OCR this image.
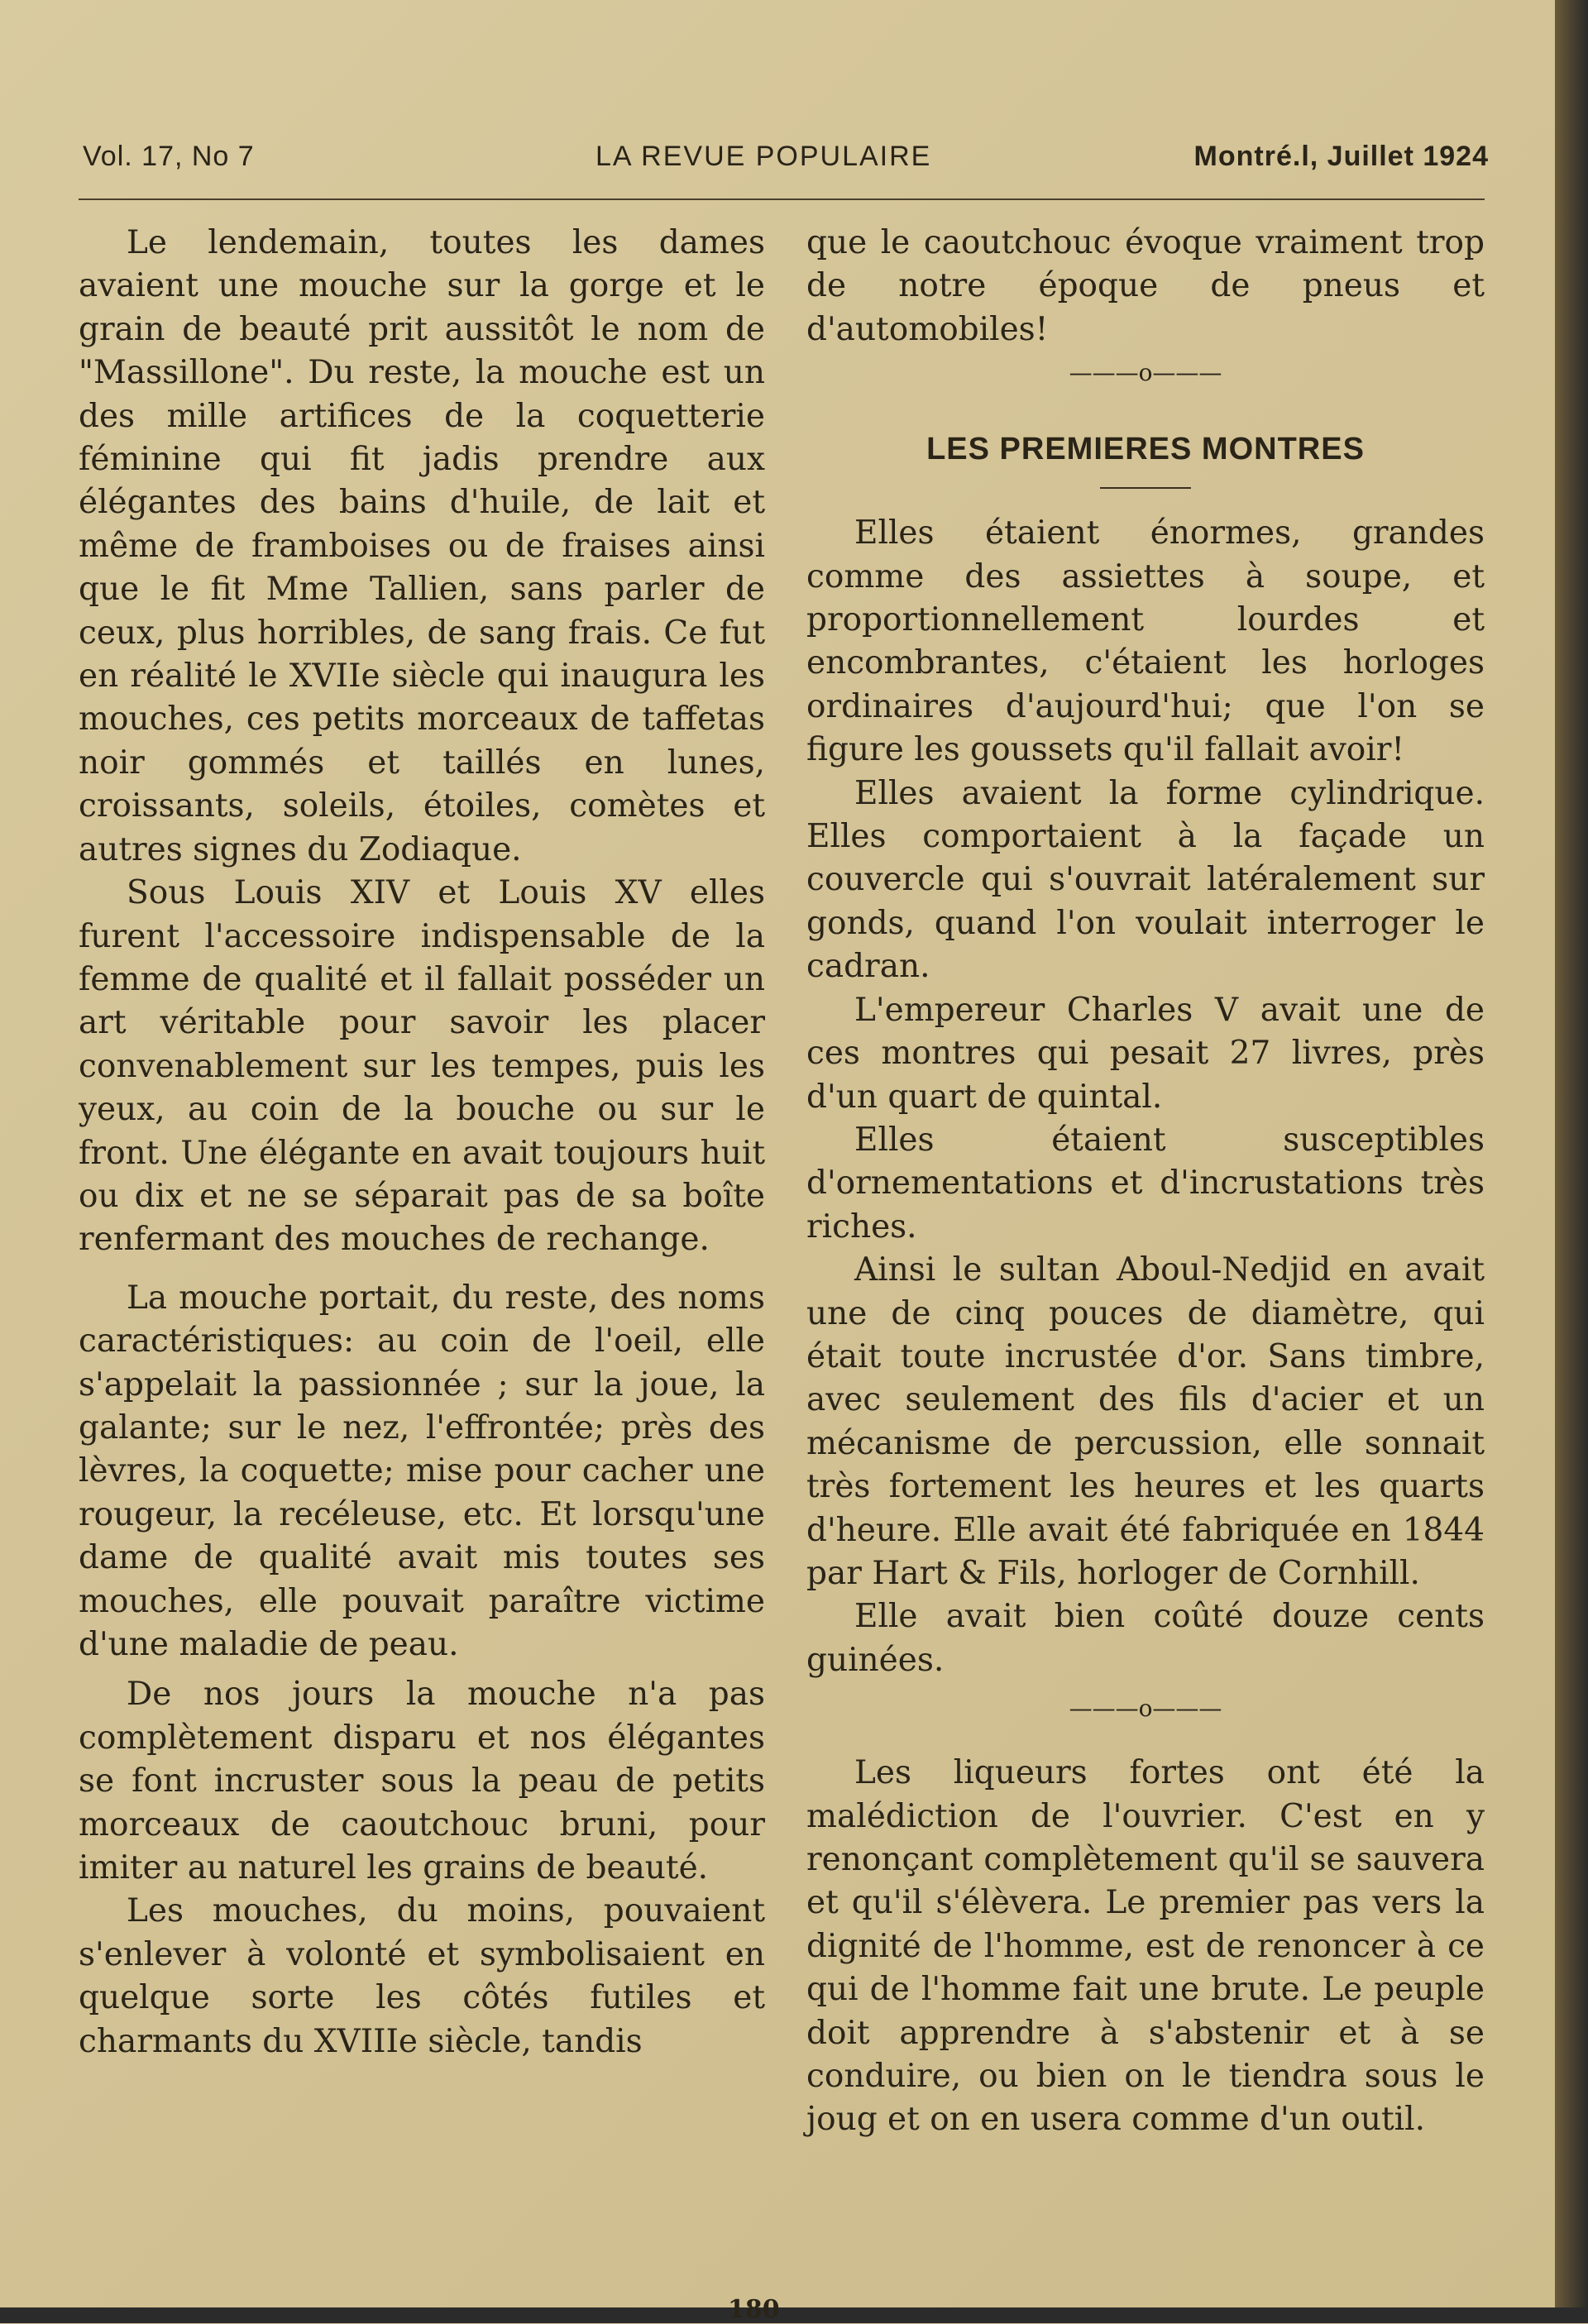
Vol. 17, No 7	LA REVUE POPULAIRE	Montré.l, Juillet 1924

Le lendemain, toutes les dames avaient une mouche sur la gorge et le grain de beauté prit aussitôt le nom de "Massillone". Du reste, la mouche est un des mille artifices de la coquetterie féminine qui fit jadis prendre aux élégantes des bains d'huile, de lait et même de framboises ou de fraises ainsi que le fit Mme Tallien, sans parler de ceux, plus horribles, de sang frais. Ce fut en réalité le XVIIe siècle qui inaugura les mouches, ces petits morceaux de taffetas noir gommés et taillés en lunes, croissants, soleils, étoiles, comètes et autres signes du Zodiaque.

Sous Louis XIV et Louis XV elles furent l'accessoire indispensable de la femme de qualité et il fallait posséder un art véritable pour savoir les placer convenablement sur les tempes, puis les yeux, au coin de la bouche ou sur le front. Une élégante en avait toujours huit ou dix et ne se séparait pas de sa boîte renfermant des mouches de rechange.

La mouche portait, du reste, des noms caractéristiques: au coin de l'oeil, elle s'appelait la passionnée ; sur la joue, la galante; sur le nez, l'effrontée; près des lèvres, la coquette; mise pour cacher une rougeur, la recéleuse, etc. Et lorsqu'une dame de qualité avait mis toutes ses mouches, elle pouvait paraître victime d'une maladie de peau.

De nos jours la mouche n'a pas complètement disparu et nos élégantes se font incruster sous la peau de petits morceaux de caoutchouc bruni, pour imiter au naturel les grains de beauté.

Les mouches, du moins, pouvaient s'enlever à volonté et symbolisaient en quelque sorte les côtés futiles et charmants du XVIIIe siècle, tandis

que le caoutchouc évoque vraiment trop de notre époque de pneus et d'automobiles!

———o———
LES PREMIERES MONTRES

Elles étaient énormes, grandes comme des assiettes à soupe, et proportionnellement lourdes et encombrantes, c'étaient les horloges ordinaires d'aujourd'hui; que l'on se figure les goussets qu'il fallait avoir!

Elles avaient la forme cylindrique. Elles comportaient à la façade un couvercle qui s'ouvrait latéralement sur gonds, quand l'on voulait interroger le cadran.

L'empereur Charles V avait une de ces montres qui pesait 27 livres, près d'un quart de quintal.

Elles étaient susceptibles d'ornementations et d'incrustations très riches.

Ainsi le sultan Aboul-Nedjid en avait une de cinq pouces de diamètre, qui était toute incrustée d'or. Sans timbre, avec seulement des fils d'acier et un mécanisme de percussion, elle sonnait très fortement les heures et les quarts d'heure. Elle avait été fabriquée en 1844 par Hart & Fils, horloger de Cornhill.

Elle avait bien coûté douze cents guinées.

———o———

Les liqueurs fortes ont été la malédiction de l'ouvrier. C'est en y renonçant complètement qu'il se sauvera et qu'il s'élèvera. Le premier pas vers la dignité de l'homme, est de renoncer à ce qui de l'homme fait une brute. Le peuple doit apprendre à s'abstenir et à se conduire, ou bien on le tiendra sous le joug et on en usera comme d'un outil.

180
